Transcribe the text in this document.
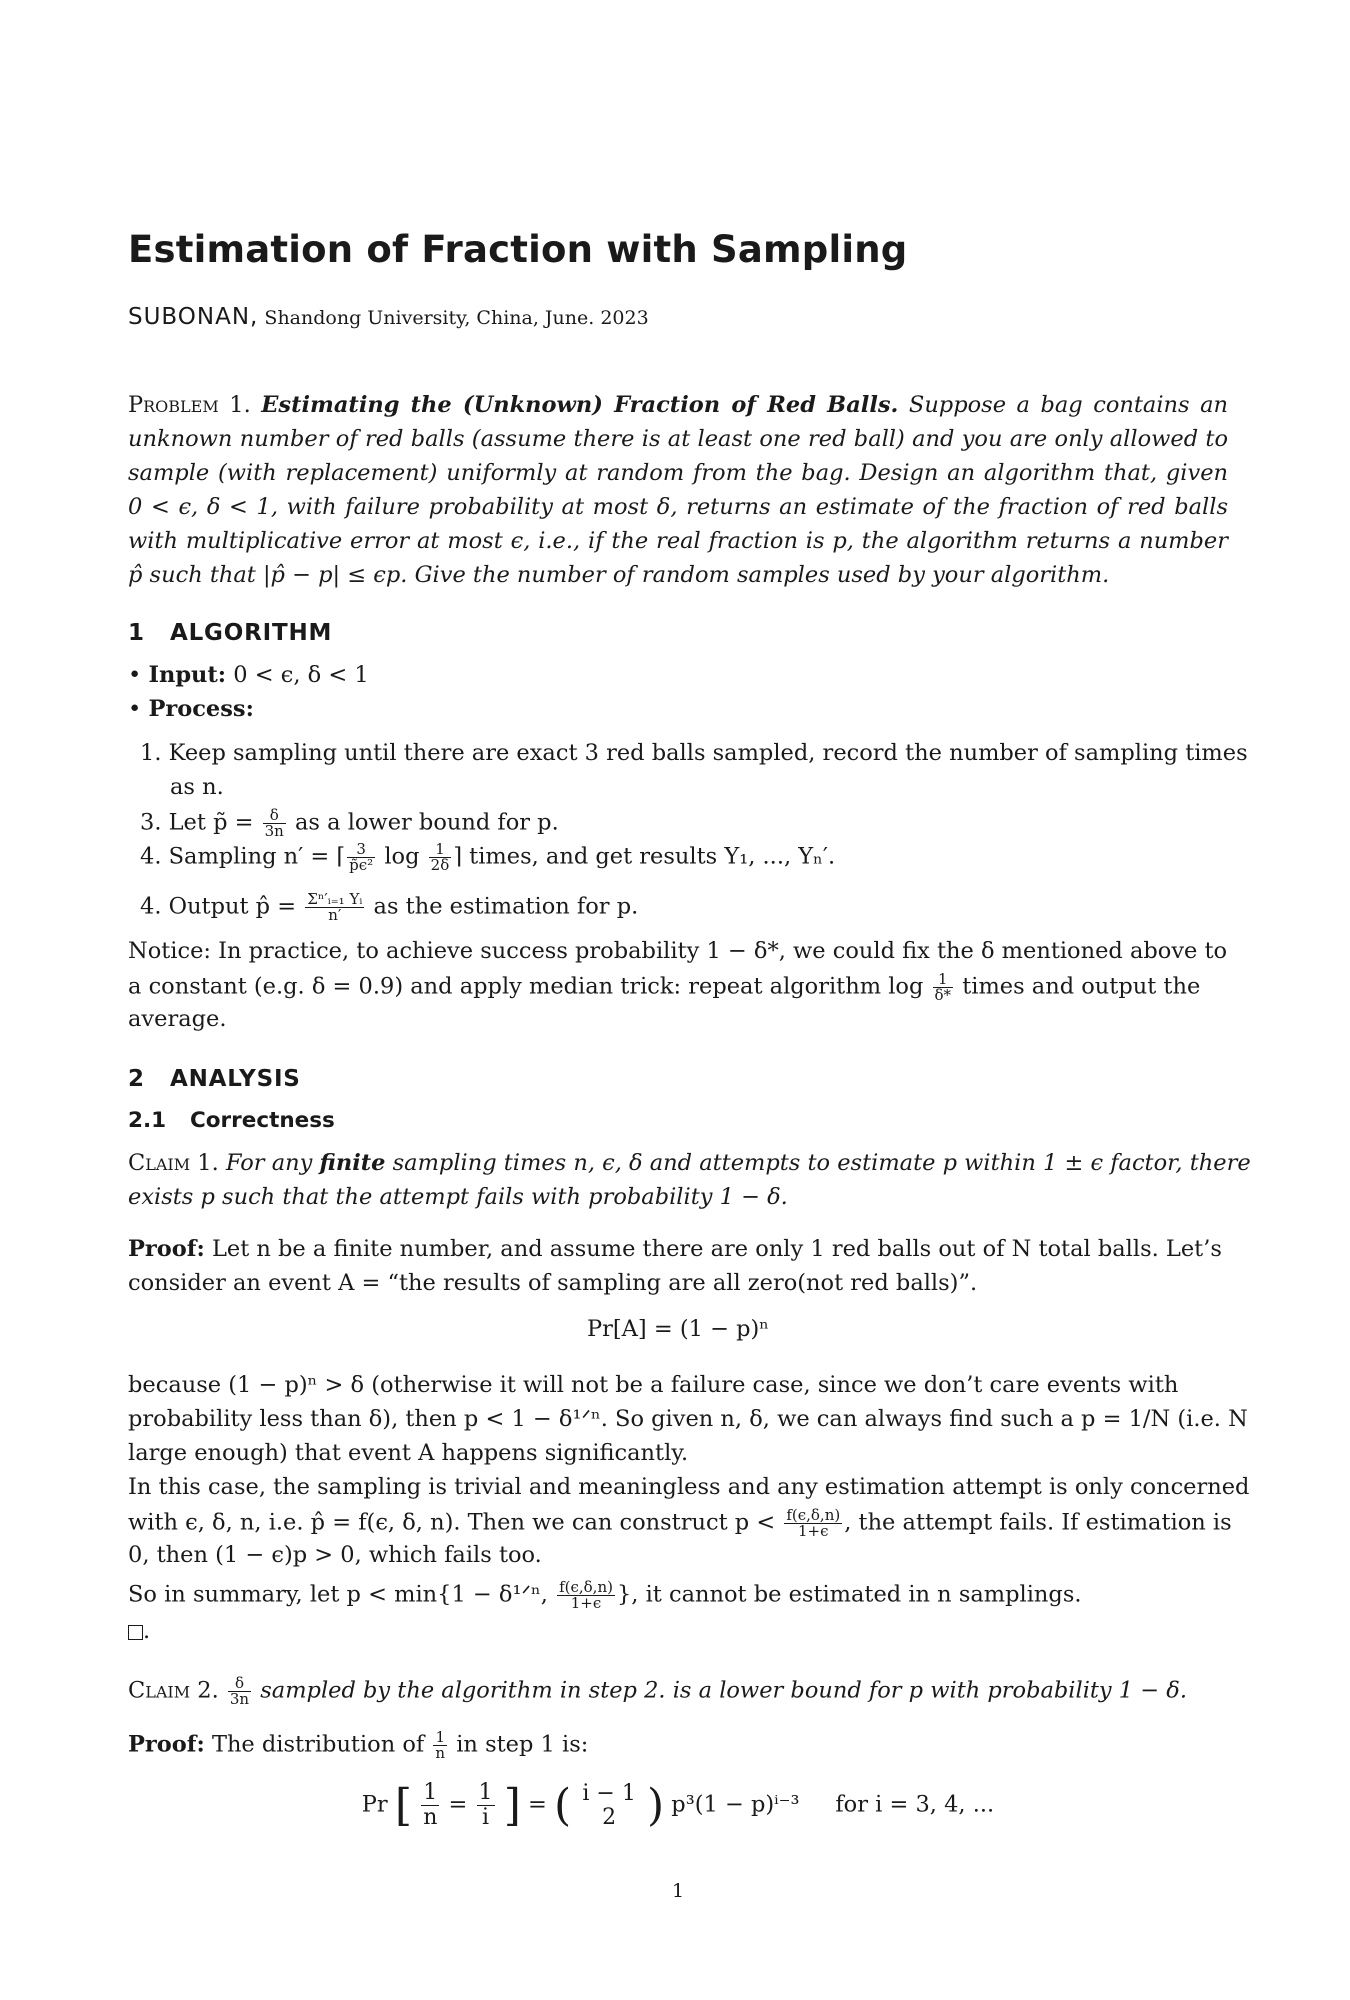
Estimation of Fraction with Sampling
SUBONAN, Shandong University, China, June. 2023
Problem 1. Estimating the (Unknown) Fraction of Red Balls. Suppose a bag contains an unknown number of red balls (assume there is at least one red ball) and you are only allowed to sample (with replacement) uniformly at random from the bag. Design an algorithm that, given 0 < ϵ, δ < 1, with failure probability at most δ, returns an estimate of the fraction of red balls with multiplicative error at most ϵ, i.e., if the real fraction is p, the algorithm returns a number p̂ such that |p̂ − p| ≤ ϵp. Give the number of random samples used by your algorithm.
1 ALGORITHM
• Input: 0 < ϵ, δ < 1
• Process:
1. Keep sampling until there are exact 3 red balls sampled, record the number of sampling times
as n.
3. Let p̃ = $\frac{\delta}{3n}$ as a lower bound for p.
4. Sampling n′ = ⌈ $\frac{3}{\text{p̃ϵ²}}$ $\log \frac{1}{2\delta}$ ⌉ times, and get results Y₁, ..., Yₙ′.
4. Output p̂ = $\frac{\text{Σⁿ′ᵢ₌₁ Yᵢ}}{n'}$ as the estimation for p.
Notice: In practice, to achieve success probability 1 − δ*, we could fix the δ mentioned above to
a constant (e.g. δ = 0.9) and apply median trick: repeat algorithm $\log \frac{1}{\delta*}$ times and output the
average.
2 ANALYSIS
2.1 Correctness
Claim 1. For any finite sampling times n, ϵ, δ and attempts to estimate p within 1 ± ϵ factor, there
exists p such that the attempt fails with probability 1 − δ.
Proof: Let n be a finite number, and assume there are only 1 red balls out of N total balls. Let’s
consider an event A = “the results of sampling are all zero(not red balls)”.
Pr[A] = (1 − p)ⁿ
because (1 − p)ⁿ > δ (otherwise it will not be a failure case, since we don’t care events with
probability less than δ), then p < 1 − δ¹ᐟⁿ. So given n, δ, we can always find such a p = 1/N (i.e. N
large enough) that event A happens significantly.
In this case, the sampling is trivial and meaningless and any estimation attempt is only concerned
with ϵ, δ, n, i.e. p̂ = f(ϵ, δ, n). Then we can construct $p < \frac{f(\epsilon,\delta,n)}{1+\epsilon}$ , the attempt fails. If estimation is
0, then (1 − ϵ)p > 0, which fails too.
So in summary, let p < min{1 − δ¹ᐟⁿ, $\frac{f(\epsilon,\delta,n)}{1+\epsilon}$ }, it cannot be estimated in n samplings.
.
Claim 2. $\frac{\delta}{3n}$ sampled by the algorithm in step 2. is a lower bound for p with probability 1 − δ.
Proof: The distribution of $\frac{1}{n}$ in step 1 is:
Pr [ $\frac{1}{n} = \frac{1}{i}$ ] = ( i − 1
2 ) p³(1 − p)ⁱ⁻³ for i = 3, 4, ...
1
